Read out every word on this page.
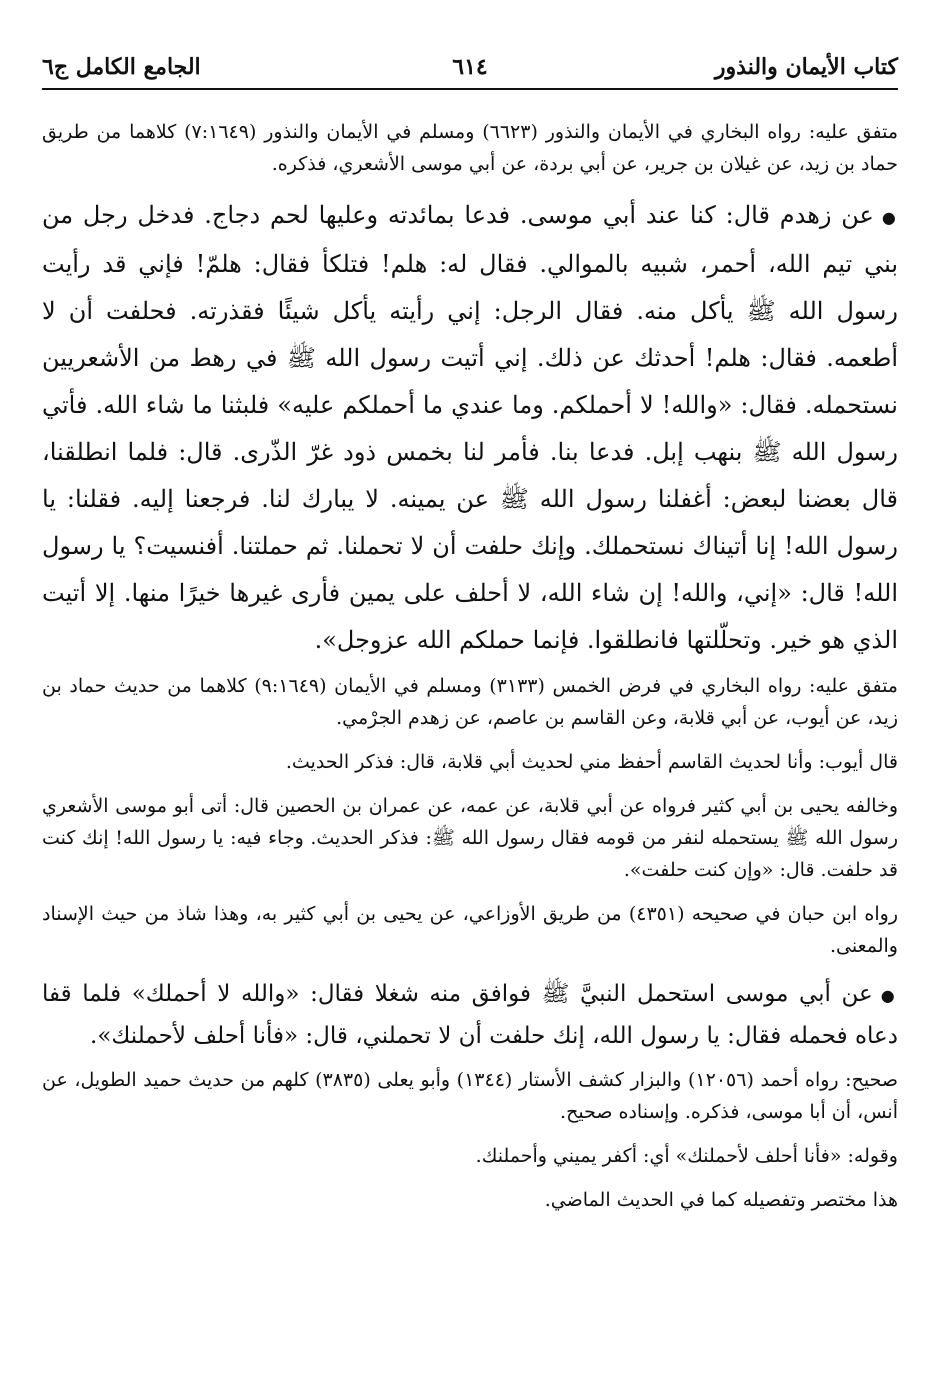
كتاب الأيمان والنذور
٦١٤
الجامع الكامل ج٦
متفق عليه: رواه البخاري في الأيمان والنذور (٦٦٢٣) ومسلم في الأيمان والنذور (٧:١٦٤٩) كلاهما من طريق حماد بن زيد، عن غيلان بن جرير، عن أبي بردة، عن أبي موسى الأشعري، فذكره.
●عن زهدم قال: كنا عند أبي موسى. فدعا بمائدته وعليها لحم دجاج. فدخل رجل من بني تيم الله، أحمر، شبيه بالموالي. فقال له: هلم! فتلكأ فقال: هلمّ! فإني قد رأيت رسول الله ﷺ يأكل منه. فقال الرجل: إني رأيته يأكل شيئًا فقذرته. فحلفت أن لا أطعمه. فقال: هلم! أحدثك عن ذلك. إني أتيت رسول الله ﷺ في رهط من الأشعريين نستحمله. فقال: «والله! لا أحملكم. وما عندي ما أحملكم عليه» فلبثنا ما شاء الله. فأتي رسول الله ﷺ بنهب إبل. فدعا بنا. فأمر لنا بخمس ذود غرّ الذّرى. قال: فلما انطلقنا، قال بعضنا لبعض: أغفلنا رسول الله ﷺ عن يمينه. لا يبارك لنا. فرجعنا إليه. فقلنا: يا رسول الله! إنا أتيناك نستحملك. وإنك حلفت أن لا تحملنا. ثم حملتنا. أفنسيت؟ يا رسول الله! قال: «إني، والله! إن شاء الله، لا أحلف على يمين فأرى غيرها خيرًا منها. إلا أتيت الذي هو خير. وتحلّلتها فانطلقوا. فإنما حملكم الله عزوجل».
متفق عليه: رواه البخاري في فرض الخمس (٣١٣٣) ومسلم في الأيمان (٩:١٦٤٩) كلاهما من حديث حماد بن زيد، عن أيوب، عن أبي قلابة، وعن القاسم بن عاصم، عن زهدم الجرْمي.
قال أيوب: وأنا لحديث القاسم أحفظ مني لحديث أبي قلابة، قال: فذكر الحديث.
وخالفه يحيى بن أبي كثير فرواه عن أبي قلابة، عن عمه، عن عمران بن الحصين قال: أتى أبو موسى الأشعري رسول الله ﷺ يستحمله لنفر من قومه فقال رسول الله ﷺ: فذكر الحديث. وجاء فيه: يا رسول الله! إنك كنت قد حلفت. قال: «وإن كنت حلفت».
رواه ابن حبان في صحيحه (٤٣٥١) من طريق الأوزاعي، عن يحيى بن أبي كثير به، وهذا شاذ من حيث الإسناد والمعنى.
●عن أبي موسى استحمل النبيَّ ﷺ فوافق منه شغلا فقال: «والله لا أحملك» فلما قفا دعاه فحمله فقال: يا رسول الله، إنك حلفت أن لا تحملني، قال: «فأنا أحلف لأحملنك».
صحيح: رواه أحمد (١٢٠٥٦) والبزار كشف الأستار (١٣٤٤) وأبو يعلى (٣٨٣٥) كلهم من حديث حميد الطويل، عن أنس، أن أبا موسى، فذكره. وإسناده صحيح.
وقوله: «فأنا أحلف لأحملنك» أي: أكفر يميني وأحملنك.
هذا مختصر وتفصيله كما في الحديث الماضي.
